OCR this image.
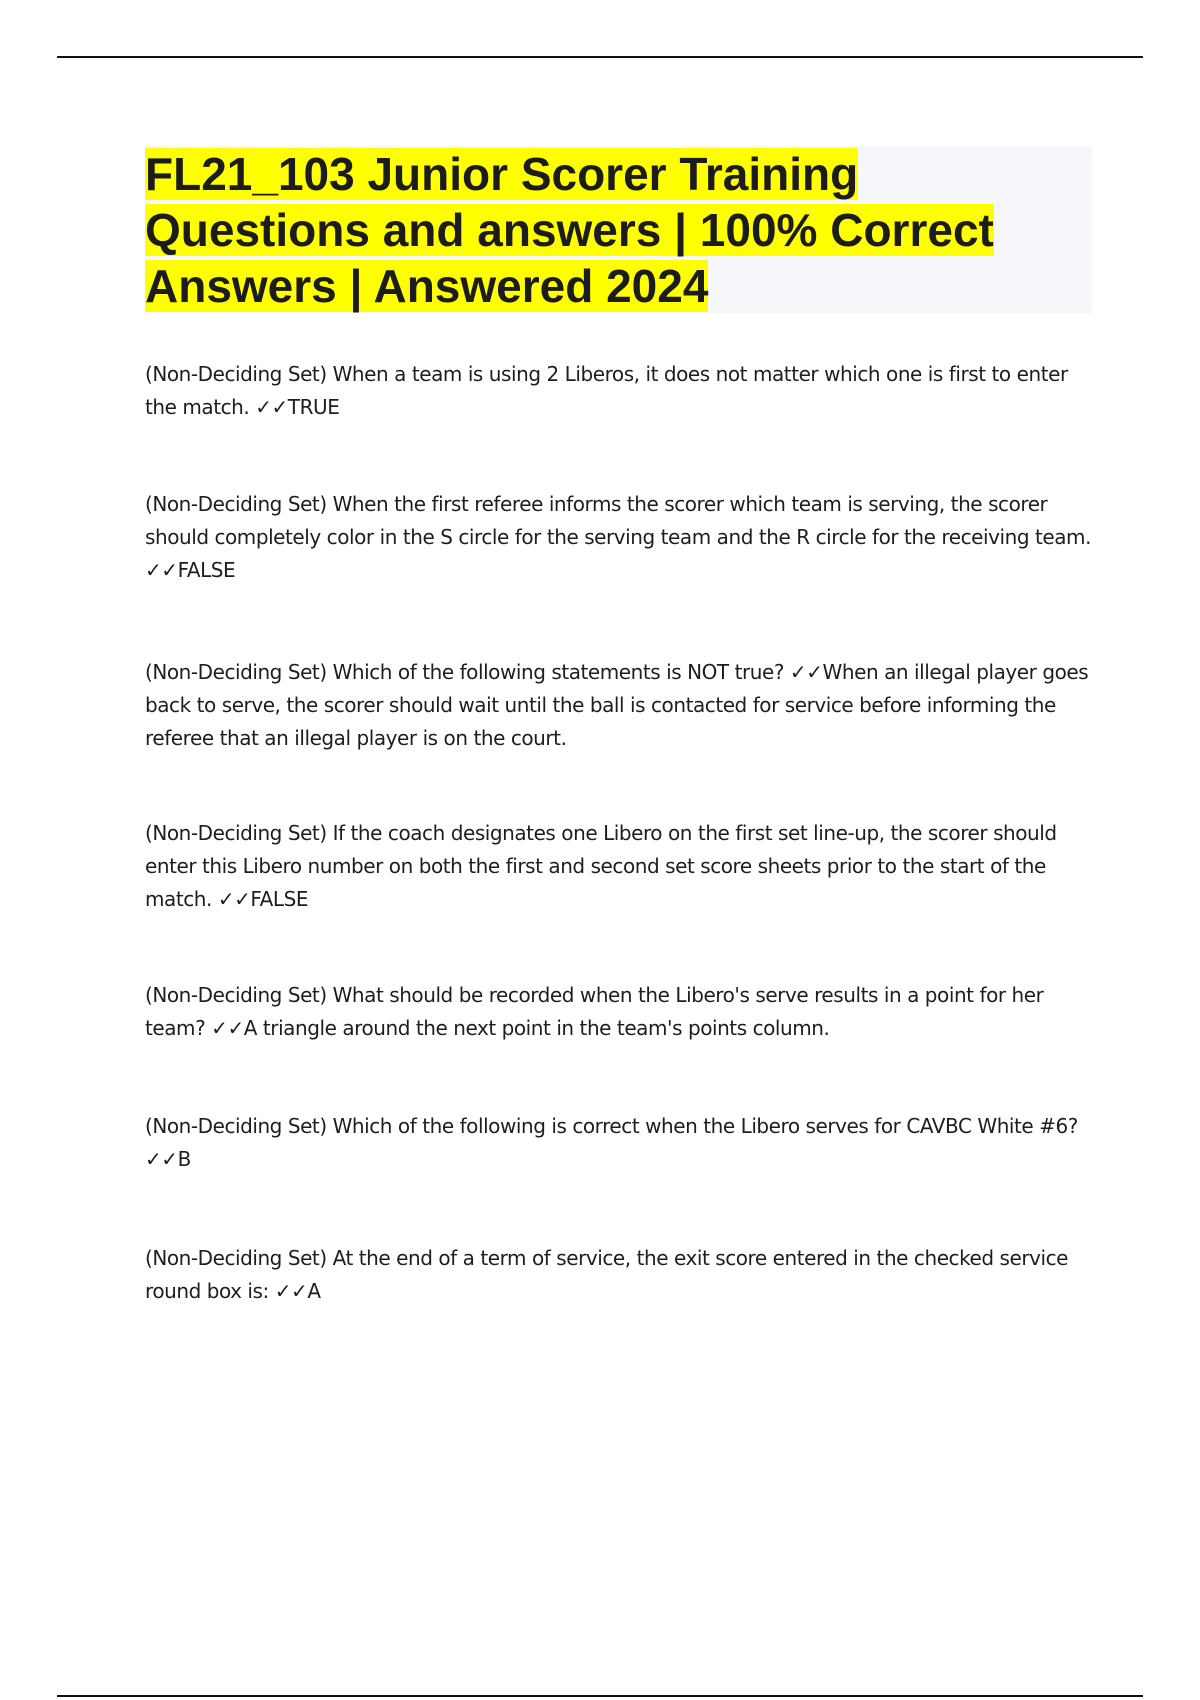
FL21_103 Junior Scorer Training Questions and answers | 100% Correct Answers | Answered 2024

(Non-Deciding Set) When a team is using 2 Liberos, it does not matter which one is first to enter the match. ✓✓TRUE

(Non-Deciding Set) When the first referee informs the scorer which team is serving, the scorer should completely color in the S circle for the serving team and the R circle for the receiving team. ✓✓FALSE

(Non-Deciding Set) Which of the following statements is NOT true? ✓✓When an illegal player goes back to serve, the scorer should wait until the ball is contacted for service before informing the referee that an illegal player is on the court.

(Non-Deciding Set) If the coach designates one Libero on the first set line-up, the scorer should enter this Libero number on both the first and second set score sheets prior to the start of the match. ✓✓FALSE

(Non-Deciding Set) What should be recorded when the Libero's serve results in a point for her team? ✓✓A triangle around the next point in the team's points column.

(Non-Deciding Set) Which of the following is correct when the Libero serves for CAVBC White #6? ✓✓B

(Non-Deciding Set) At the end of a term of service, the exit score entered in the checked service round box is: ✓✓A
